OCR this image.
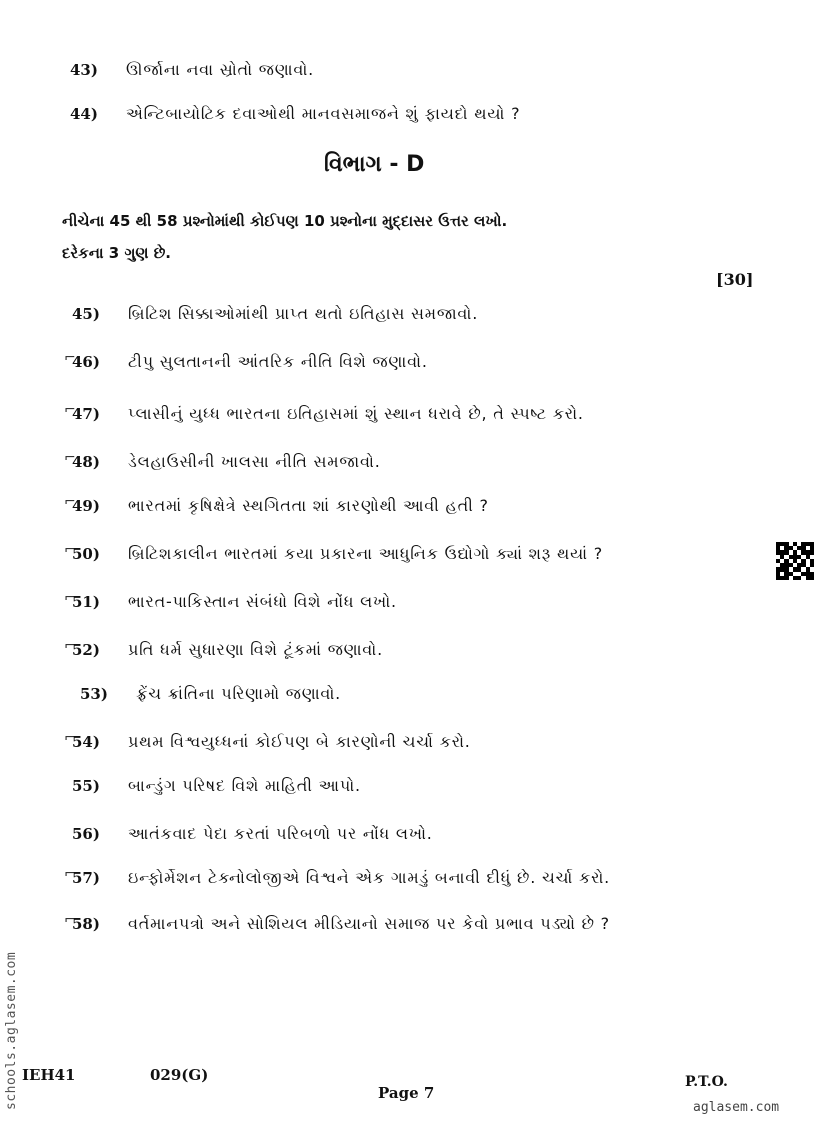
43) ઊર્જાના નવા સ્રોતો જણાવો.
44) એન્ટિબાયોટિક દવાઓથી માનવસમાજને શું ફાયદો થયો ?
વિભાગ - D
નીચેના 45 થી 58 પ્રશ્નોમાંથી કોઈપણ 10 પ્રશ્નોના મુદ્દાસર ઉત્તર લખો.
દરેકના 3 ગુણ છે.
[30]
45) બ્રિટિશ સિક્કાઓમાંથી પ્રાપ્ત થતો ઇતિહાસ સમજાવો.
⌐
46) ટીપુ સુલતાનની આંતરિક નીતિ વિશે જણાવો.
⌐
47) પ્લાસીનું યુધ્ધ ભારતના ઇતિહાસમાં શું સ્થાન ધરાવે છે, તે સ્પષ્ટ કરો.
⌐
48) ડેલહાઉસીની ખાલસા નીતિ સમજાવો.
⌐
49) ભારતમાં કૃષિક્ષેત્રે સ્થગિતતા શાં કારણોથી આવી હતી ?
⌐
50) બ્રિટિશકાલીન ભારતમાં કયા પ્રકારના આધુનિક ઉદ્યોગો ક્યાં શરૂ થયાં ?
⌐
51) ભારત-પાકિસ્તાન સંબંધો વિશે નોંધ લખો.
⌐
52) પ્રતિ ધર્મ સુધારણા વિશે ટૂંકમાં જણાવો.
53) ફ્રેંચ ક્રાંતિના પરિણામો જણાવો.
⌐
54) પ્રથમ વિશ્વયુધ્ધનાં કોઈપણ બે કારણોની ચર્ચા કરો.
55) બાન્ડુંગ પરિષદ વિશે માહિતી આપો.
56) આતંકવાદ પેદા કરતાં પરિબળો પર નોંધ લખો.
⌐
57) ઇન્ફોર્મેશન ટેક્નોલોજીએ વિશ્વને એક ગામડું બનાવી દીધું છે. ચર્ચા કરો.
⌐
58) વર્તમાનપત્રો અને સોશિયલ મીડિયાનો સમાજ પર કેવો પ્રભાવ પડ્યો છે ?
IEH41	029(G)
Page 7
P.T.O.
schools.aglasem.com	aglasem.com
